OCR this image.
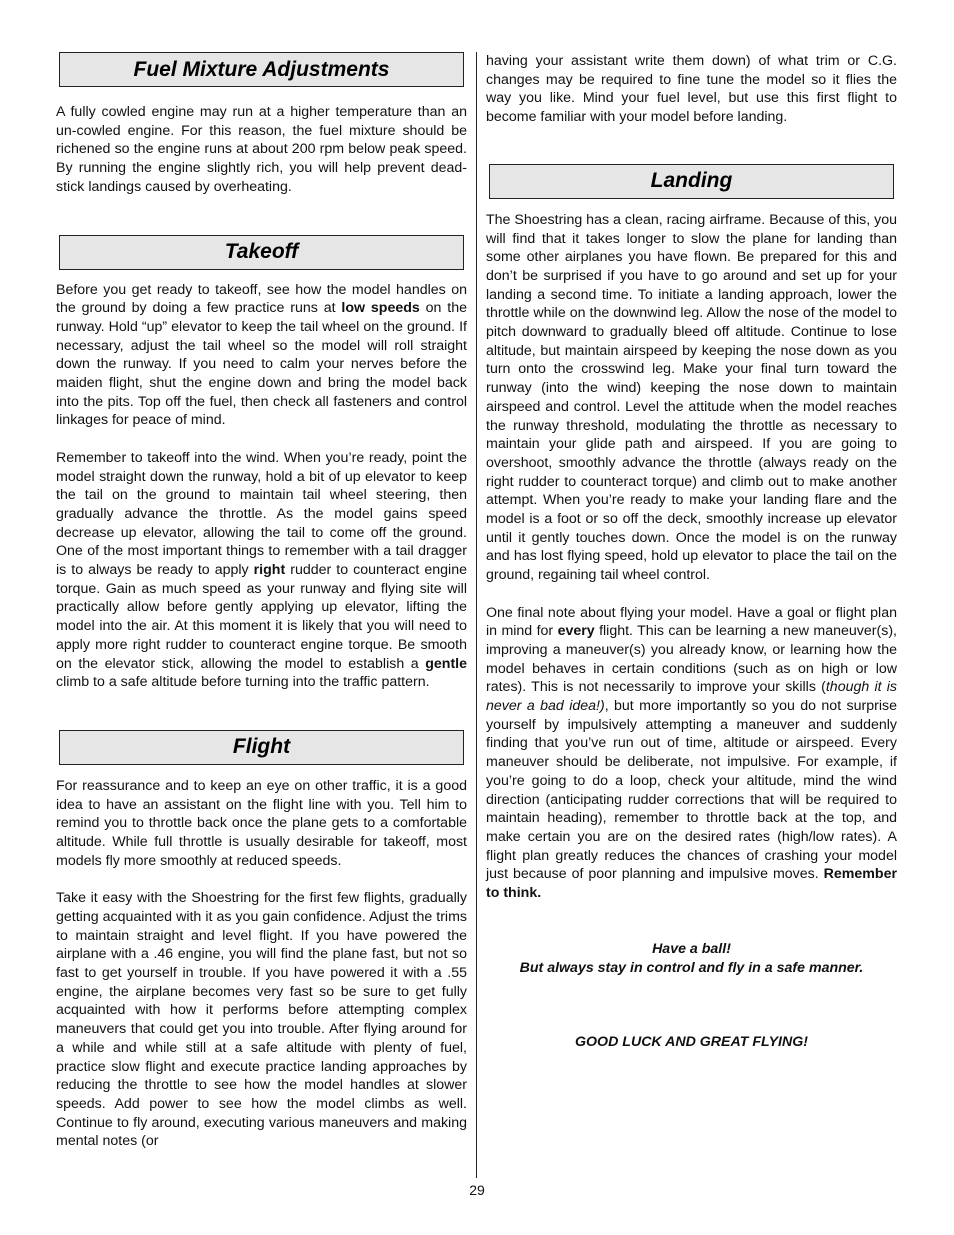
Fuel Mixture Adjustments

A fully cowled engine may run at a higher temperature than an un-cowled engine. For this reason, the fuel mixture should be richened so the engine runs at about 200 rpm below peak speed. By running the engine slightly rich, you will help prevent dead-stick landings caused by overheating.

Takeoff

Before you get ready to takeoff, see how the model handles on the ground by doing a few practice runs at low speeds on the runway. Hold “up” elevator to keep the tail wheel on the ground. If necessary, adjust the tail wheel so the model will roll straight down the runway. If you need to calm your nerves before the maiden flight, shut the engine down and bring the model back into the pits. Top off the fuel, then check all fasteners and control linkages for peace of mind.

Remember to takeoff into the wind. When you’re ready, point the model straight down the runway, hold a bit of up elevator to keep the tail on the ground to maintain tail wheel steering, then gradually advance the throttle. As the model gains speed decrease up elevator, allowing the tail to come off the ground. One of the most important things to remember with a tail dragger is to always be ready to apply right rudder to counteract engine torque. Gain as much speed as your runway and flying site will practically allow before gently applying up elevator, lifting the model into the air. At this moment it is likely that you will need to apply more right rudder to counteract engine torque. Be smooth on the elevator stick, allowing the model to establish a gentle climb to a safe altitude before turning into the traffic pattern.

Flight

For reassurance and to keep an eye on other traffic, it is a good idea to have an assistant on the flight line with you. Tell him to remind you to throttle back once the plane gets to a comfortable altitude. While full throttle is usually desirable for takeoff, most models fly more smoothly at reduced speeds.

Take it easy with the Shoestring for the first few flights, gradually getting acquainted with it as you gain confidence. Adjust the trims to maintain straight and level flight. If you have powered the airplane with a .46 engine, you will find the plane fast, but not so fast to get yourself in trouble. If you have powered it with a .55 engine, the airplane becomes very fast so be sure to get fully acquainted with how it performs before attempting complex maneuvers that could get you into trouble. After flying around for a while and while still at a safe altitude with plenty of fuel, practice slow flight and execute practice landing approaches by reducing the throttle to see how the model handles at slower speeds. Add power to see how the model climbs as well. Continue to fly around, executing various maneuvers and making mental notes (or

having your assistant write them down) of what trim or C.G. changes may be required to fine tune the model so it flies the way you like. Mind your fuel level, but use this first flight to become familiar with your model before landing.

Landing

The Shoestring has a clean, racing airframe. Because of this, you will find that it takes longer to slow the plane for landing than some other airplanes you have flown. Be prepared for this and don’t be surprised if you have to go around and set up for your landing a second time. To initiate a landing approach, lower the throttle while on the downwind leg. Allow the nose of the model to pitch downward to gradually bleed off altitude. Continue to lose altitude, but maintain airspeed by keeping the nose down as you turn onto the crosswind leg. Make your final turn toward the runway (into the wind) keeping the nose down to maintain airspeed and control. Level the attitude when the model reaches the runway threshold, modulating the throttle as necessary to maintain your glide path and airspeed. If you are going to overshoot, smoothly advance the throttle (always ready on the right rudder to counteract torque) and climb out to make another attempt. When you’re ready to make your landing flare and the model is a foot or so off the deck, smoothly increase up elevator until it gently touches down. Once the model is on the runway and has lost flying speed, hold up elevator to place the tail on the ground, regaining tail wheel control.

One final note about flying your model. Have a goal or flight plan in mind for every flight. This can be learning a new maneuver(s), improving a maneuver(s) you already know, or learning how the model behaves in certain conditions (such as on high or low rates). This is not necessarily to improve your skills (though it is never a bad idea!), but more importantly so you do not surprise yourself by impulsively attempting a maneuver and suddenly finding that you’ve run out of time, altitude or airspeed. Every maneuver should be deliberate, not impulsive. For example, if you’re going to do a loop, check your altitude, mind the wind direction (anticipating rudder corrections that will be required to maintain heading), remember to throttle back at the top, and make certain you are on the desired rates (high/low rates). A flight plan greatly reduces the chances of crashing your model just because of poor planning and impulsive moves. Remember to think.

Have a ball!

But always stay in control and fly in a safe manner.

GOOD LUCK AND GREAT FLYING!

29
